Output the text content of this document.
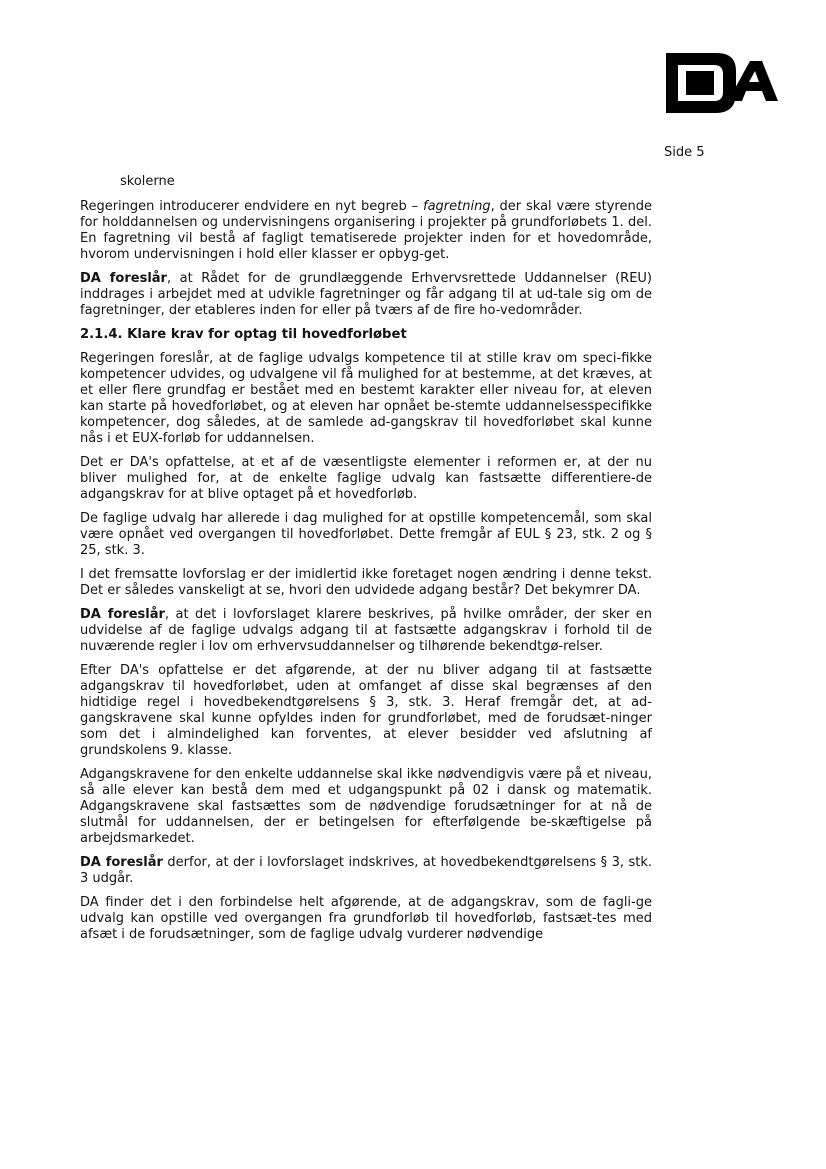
Side 5

skolerne

Regeringen introducerer endvidere en nyt begreb – fagretning, der skal være styrende for holddannelsen og undervisningens organisering i projekter på grundforløbets 1. del. En fagretning vil bestå af fagligt tematiserede projekter inden for et hovedområde, hvorom undervisningen i hold eller klasser er opbyg-get.

DA foreslår, at Rådet for de grundlæggende Erhvervsrettede Uddannelser (REU) inddrages i arbejdet med at udvikle fagretninger og får adgang til at ud-tale sig om de fagretninger, der etableres inden for eller på tværs af de fire ho-vedområder.

2.1.4. Klare krav for optag til hovedforløbet

Regeringen foreslår, at de faglige udvalgs kompetence til at stille krav om speci-fikke kompetencer udvides, og udvalgene vil få mulighed for at bestemme, at det kræves, at et eller flere grundfag er bestået med en bestemt karakter eller niveau for, at eleven kan starte på hovedforløbet, og at eleven har opnået be-stemte uddannelsesspecifikke kompetencer, dog således, at de samlede ad-gangskrav til hovedforløbet skal kunne nås i et EUX-forløb for uddannelsen.

Det er DA's opfattelse, at et af de væsentligste elementer i reformen er, at der nu bliver mulighed for, at de enkelte faglige udvalg kan fastsætte differentiere-de adgangskrav for at blive optaget på et hovedforløb.

De faglige udvalg har allerede i dag mulighed for at opstille kompetencemål, som skal være opnået ved overgangen til hovedforløbet. Dette fremgår af EUL § 23, stk. 2 og § 25, stk. 3.

I det fremsatte lovforslag er der imidlertid ikke foretaget nogen ændring i denne tekst. Det er således vanskeligt at se, hvori den udvidede adgang består? Det bekymrer DA.

DA foreslår, at det i lovforslaget klarere beskrives, på hvilke områder, der sker en udvidelse af de faglige udvalgs adgang til at fastsætte adgangskrav i forhold til de nuværende regler i lov om erhvervsuddannelser og tilhørende bekendtgø-relser.

Efter DA's opfattelse er det afgørende, at der nu bliver adgang til at fastsætte adgangskrav til hovedforløbet, uden at omfanget af disse skal begrænses af den hidtidige regel i hovedbekendtgørelsens § 3, stk. 3. Heraf fremgår det, at ad-gangskravene skal kunne opfyldes inden for grundforløbet, med de forudsæt-ninger som det i almindelighed kan forventes, at elever besidder ved afslutning af grundskolens 9. klasse.

Adgangskravene for den enkelte uddannelse skal ikke nødvendigvis være på et niveau, så alle elever kan bestå dem med et udgangspunkt på 02 i dansk og matematik. Adgangskravene skal fastsættes som de nødvendige forudsætninger for at nå de slutmål for uddannelsen, der er betingelsen for efterfølgende be-skæftigelse på arbejdsmarkedet.

DA foreslår derfor, at der i lovforslaget indskrives, at hovedbekendtgørelsens § 3, stk. 3 udgår.

DA finder det i den forbindelse helt afgørende, at de adgangskrav, som de fagli-ge udvalg kan opstille ved overgangen fra grundforløb til hovedforløb, fastsæt-tes med afsæt i de forudsætninger, som de faglige udvalg vurderer nødvendige
